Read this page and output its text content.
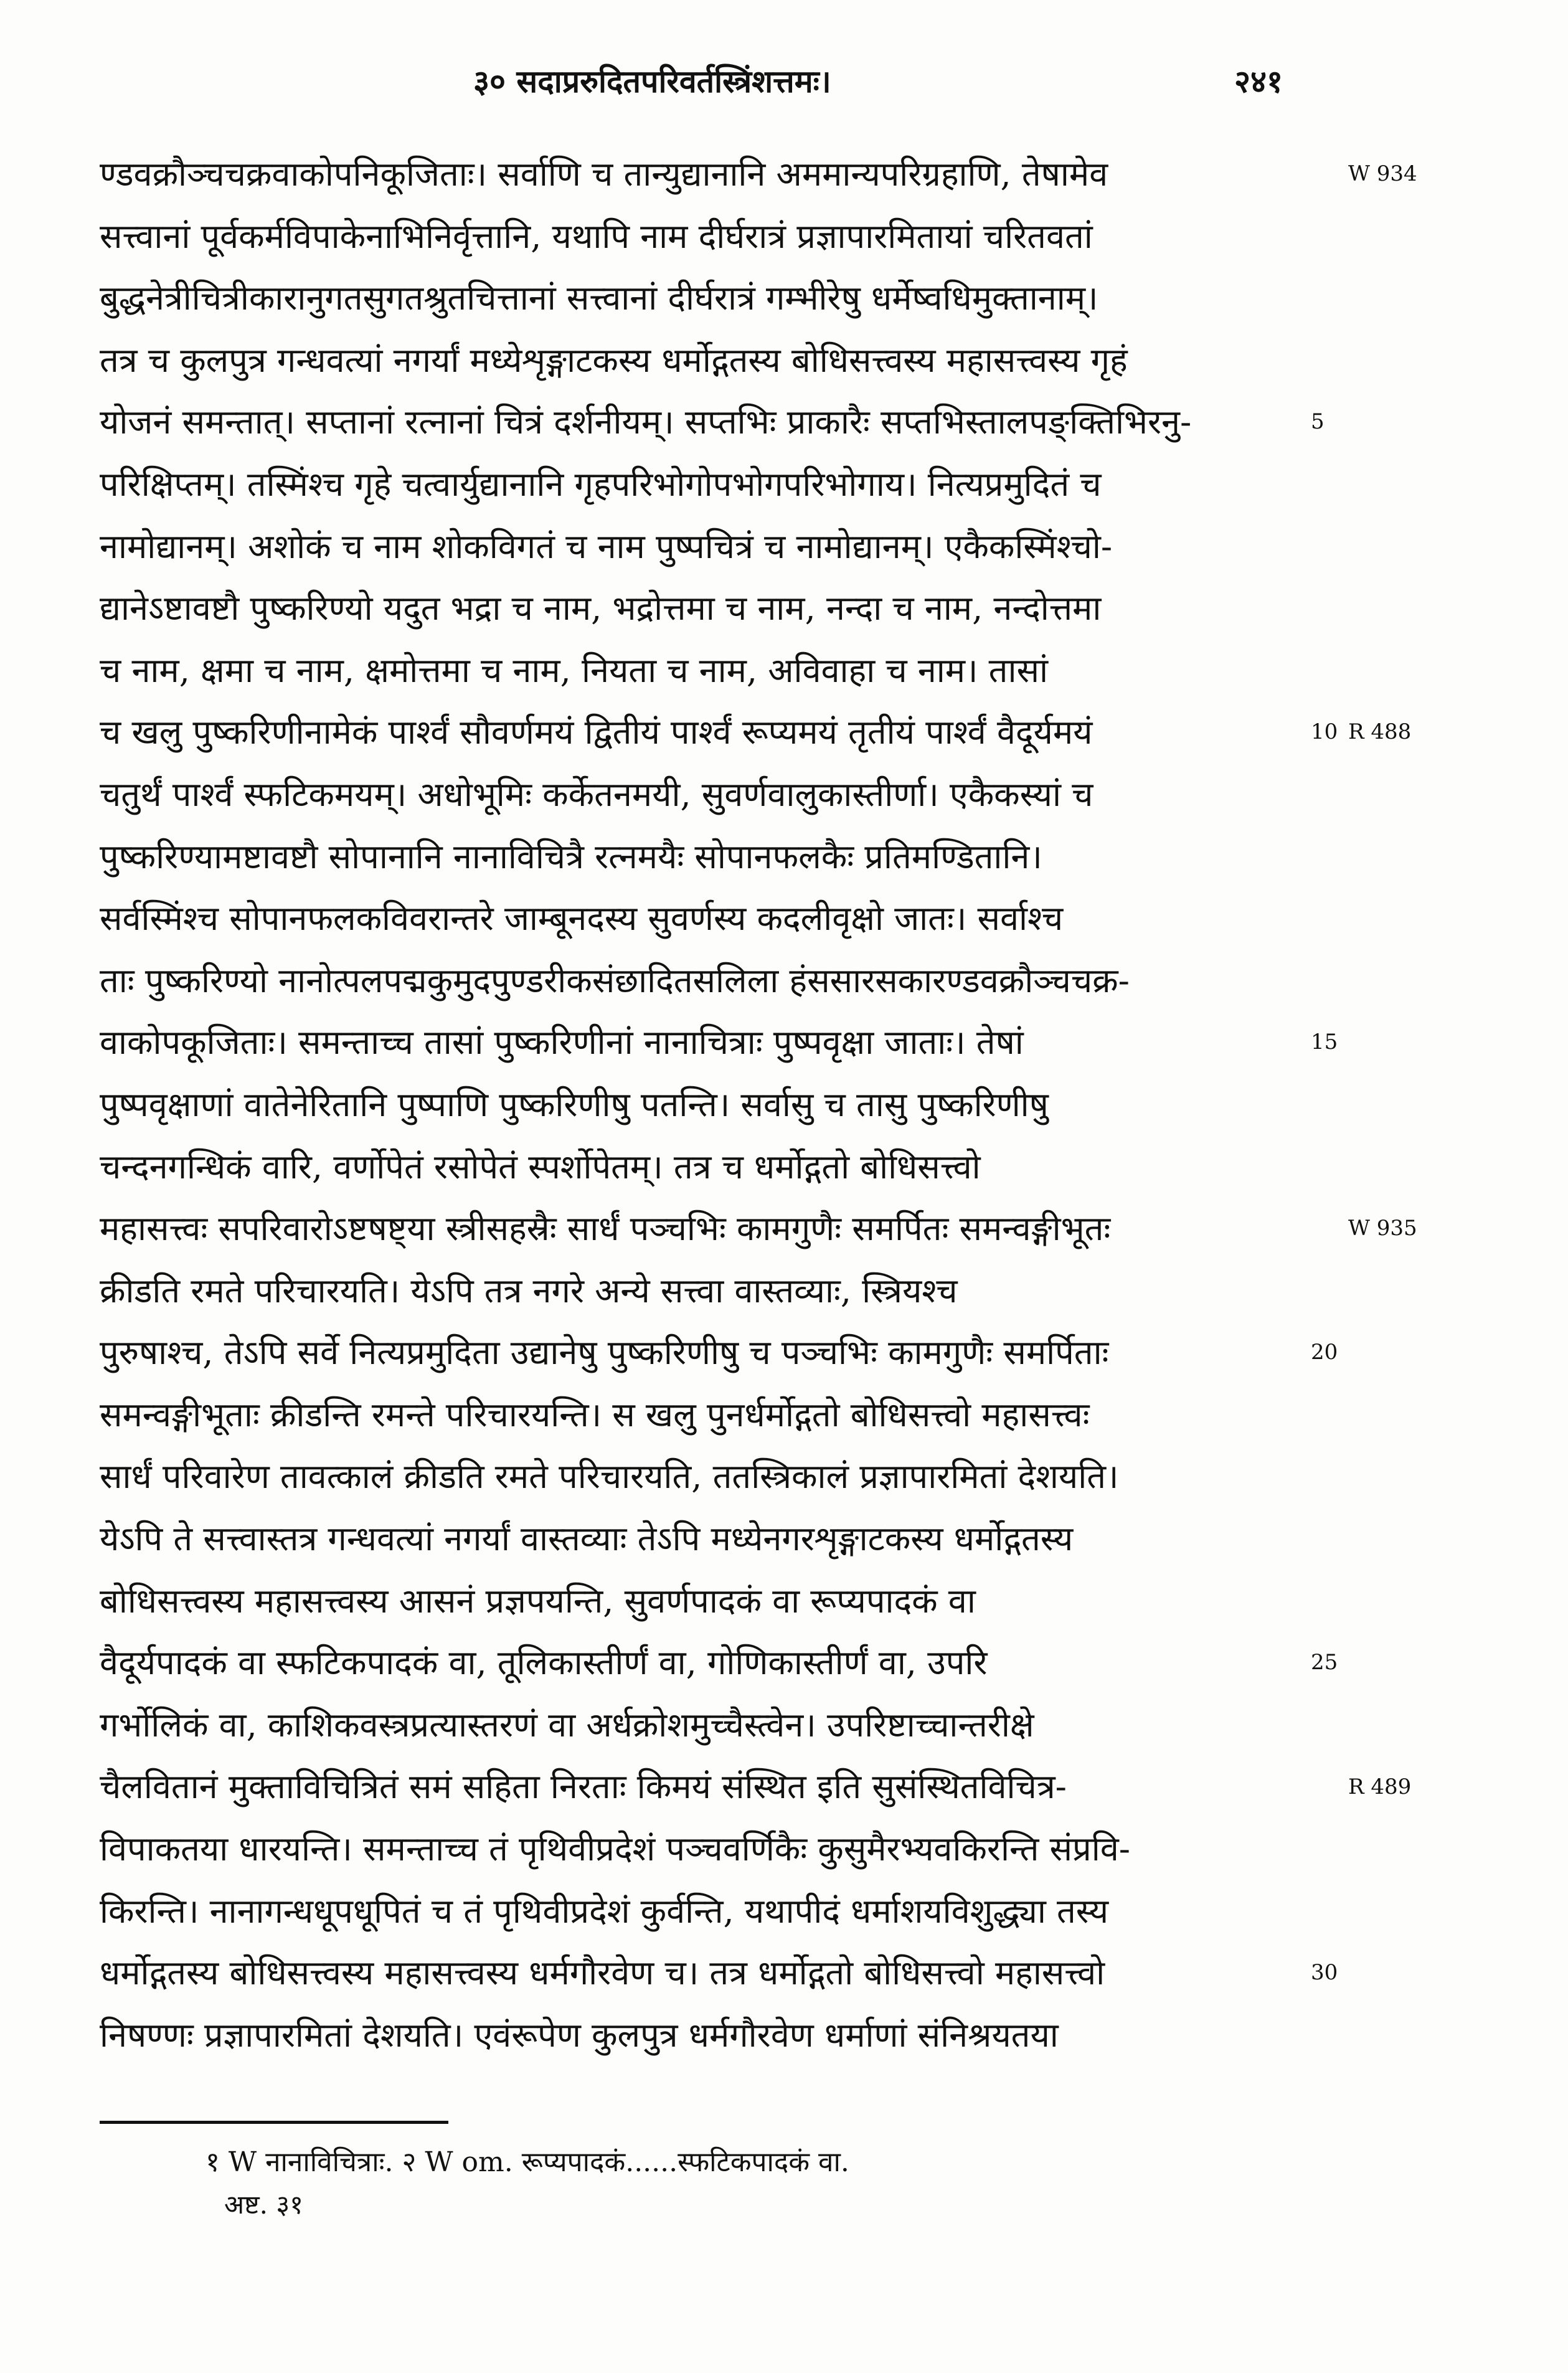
३० सदाप्ररुदितपरिवर्तस्त्रिंशत्तमः।	२४१
ण्डवक्रौञ्चचक्रवाकोपनिकूजिताः। सर्वाणि च तान्युद्यानानि अममान्यपरिग्रहाणि, तेषामेव	W 934
सत्त्वानां पूर्वकर्मविपाकेनाभिनिर्वृत्तानि, यथापि नाम दीर्घरात्रं प्रज्ञापारमितायां चरितवतां
बुद्धनेत्रीचित्रीकारानुगतसुगतश्रुतचित्तानां सत्त्वानां दीर्घरात्रं गम्भीरेषु धर्मेष्वधिमुक्तानाम्।
तत्र च कुलपुत्र गन्धवत्यां नगर्यां मध्येशृङ्गाटकस्य धर्मोद्गतस्य बोधिसत्त्वस्य महासत्त्वस्य गृहं
योजनं समन्तात्। सप्तानां रत्नानां चित्रं दर्शनीयम्। सप्तभिः प्राकारैः सप्तभिस्तालपङ्क्तिभिरनु-	5
परिक्षिप्तम्। तस्मिंश्च गृहे चत्वार्युद्यानानि गृहपरिभोगोपभोगपरिभोगाय। नित्यप्रमुदितं च
नामोद्यानम्। अशोकं च नाम शोकविगतं च नाम पुष्पचित्रं च नामोद्यानम्। एकैकस्मिंश्चो-
द्यानेऽष्टावष्टौ पुष्करिण्यो यदुत भद्रा च नाम, भद्रोत्तमा च नाम, नन्दा च नाम, नन्दोत्तमा
च नाम, क्षमा च नाम, क्षमोत्तमा च नाम, नियता च नाम, अविवाहा च नाम। तासां
च खलु पुष्करिणीनामेकं पार्श्वं सौवर्णमयं द्वितीयं पार्श्वं रूप्यमयं तृतीयं पार्श्वं वैदूर्यमयं	10 R 488
चतुर्थं पार्श्वं स्फटिकमयम्। अधोभूमिः कर्केतनमयी, सुवर्णवालुकास्तीर्णा। एकैकस्यां च
पुष्करिण्यामष्टावष्टौ सोपानानि नानाविचित्रै रत्नमयैः सोपानफलकैः प्रतिमण्डितानि।
सर्वस्मिंश्च सोपानफलकविवरान्तरे जाम्बूनदस्य सुवर्णस्य कदलीवृक्षो जातः। सर्वाश्च
ताः पुष्करिण्यो नानोत्पलपद्मकुमुदपुण्डरीकसंछादितसलिला हंससारसकारण्डवक्रौञ्चचक्र-
वाकोपकूजिताः। समन्ताच्च तासां पुष्करिणीनां नानाचित्राः पुष्पवृक्षा जाताः। तेषां	15
पुष्पवृक्षाणां वातेनेरितानि पुष्पाणि पुष्करिणीषु पतन्ति। सर्वासु च तासु पुष्करिणीषु
चन्दनगन्धिकं वारि, वर्णोपेतं रसोपेतं स्पर्शोपेतम्। तत्र च धर्मोद्गतो बोधिसत्त्वो
महासत्त्वः सपरिवारोऽष्टषष्ट्या स्त्रीसहस्रैः सार्धं पञ्चभिः कामगुणैः समर्पितः समन्वङ्गीभूतः	W 935
क्रीडति रमते परिचारयति। येऽपि तत्र नगरे अन्ये सत्त्वा वास्तव्याः, स्त्रियश्च
पुरुषाश्च, तेऽपि सर्वे नित्यप्रमुदिता उद्यानेषु पुष्करिणीषु च पञ्चभिः कामगुणैः समर्पिताः	20
समन्वङ्गीभूताः क्रीडन्ति रमन्ते परिचारयन्ति। स खलु पुनर्धर्मोद्गतो बोधिसत्त्वो महासत्त्वः
सार्धं परिवारेण तावत्कालं क्रीडति रमते परिचारयति, ततस्त्रिकालं प्रज्ञापारमितां देशयति।
येऽपि ते सत्त्वास्तत्र गन्धवत्यां नगर्यां वास्तव्याः तेऽपि मध्येनगरशृङ्गाटकस्य धर्मोद्गतस्य
बोधिसत्त्वस्य महासत्त्वस्य आसनं प्रज्ञपयन्ति, सुवर्णपादकं वा रूप्यपादकं वा
वैदूर्यपादकं वा स्फटिकपादकं वा, तूलिकास्तीर्णं वा, गोणिकास्तीर्णं वा, उपरि	25
गर्भोलिकं वा, काशिकवस्त्रप्रत्यास्तरणं वा अर्धक्रोशमुच्चैस्त्वेन। उपरिष्टाच्चान्तरीक्षे
चैलवितानं मुक्ताविचित्रितं समं सहिता निरताः किमयं संस्थित इति सुसंस्थितविचित्र-	R 489
विपाकतया धारयन्ति। समन्ताच्च तं पृथिवीप्रदेशं पञ्चवर्णिकैः कुसुमैरभ्यवकिरन्ति संप्रवि-
किरन्ति। नानागन्धधूपधूपितं च तं पृथिवीप्रदेशं कुर्वन्ति, यथापीदं धर्माशयविशुद्ध्या तस्य
धर्मोद्गतस्य बोधिसत्त्वस्य महासत्त्वस्य धर्मगौरवेण च। तत्र धर्मोद्गतो बोधिसत्त्वो महासत्त्वो	30
निषण्णः प्रज्ञापारमितां देशयति। एवंरूपेण कुलपुत्र धर्मगौरवेण धर्माणां संनिश्रयतया
१ W नानाविचित्राः. २ W om. रूप्यपादकं......स्फटिकपादकं वा.
अष्ट. ३१
